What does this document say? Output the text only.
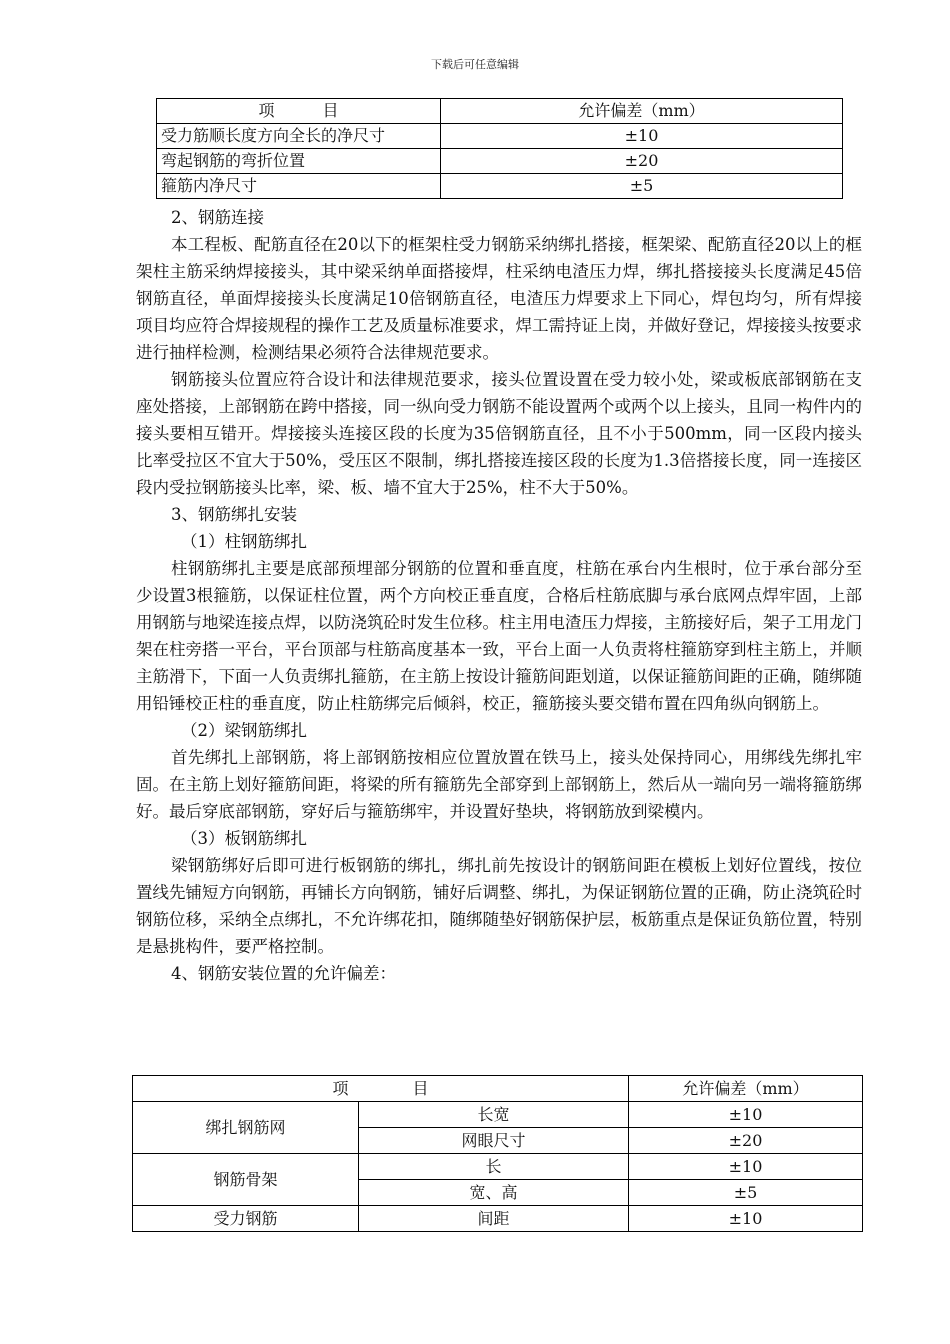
下载后可任意编辑
项　　　目	允许偏差（mm）
受力筋顺长度方向全长的净尺寸	±10
弯起钢筋的弯折位置	±20
箍筋内净尺寸	±5

2、钢筋连接

本工程板、配筋直径在20以下的框架柱受力钢筋采纳绑扎搭接，框架梁、配筋直径20以上的框架柱主筋采纳焊接接头，其中梁采纳单面搭接焊，柱采纳电渣压力焊，绑扎搭接接头长度满足45倍钢筋直径，单面焊接接头长度满足10倍钢筋直径，电渣压力焊要求上下同心，焊包均匀，所有焊接项目均应符合焊接规程的操作工艺及质量标准要求，焊工需持证上岗，并做好登记，焊接接头按要求进行抽样检测，检测结果必须符合法律规范要求。

钢筋接头位置应符合设计和法律规范要求，接头位置设置在受力较小处，梁或板底部钢筋在支座处搭接，上部钢筋在跨中搭接，同一纵向受力钢筋不能设置两个或两个以上接头，且同一构件内的接头要相互错开。焊接接头连接区段的长度为35倍钢筋直径，且不小于500mm，同一区段内接头比率受拉区不宜大于50%，受压区不限制，绑扎搭接连接区段的长度为1.3倍搭接长度，同一连接区段内受拉钢筋接头比率，梁、板、墙不宜大于25%，柱不大于50%。

3、钢筋绑扎安装

（1）柱钢筋绑扎

柱钢筋绑扎主要是底部预埋部分钢筋的位置和垂直度，柱筋在承台内生根时，位于承台部分至少设置3根箍筋，以保证柱位置，两个方向校正垂直度，合格后柱筋底脚与承台底网点焊牢固，上部用钢筋与地梁连接点焊，以防浇筑砼时发生位移。柱主用电渣压力焊接，主筋接好后，架子工用龙门架在柱旁搭一平台，平台顶部与柱筋高度基本一致，平台上面一人负责将柱箍筋穿到柱主筋上，并顺主筋滑下，下面一人负责绑扎箍筋，在主筋上按设计箍筋间距划道，以保证箍筋间距的正确，随绑随用铅锤校正柱的垂直度，防止柱筋绑完后倾斜，校正，箍筋接头要交错布置在四角纵向钢筋上。

（2）梁钢筋绑扎

首先绑扎上部钢筋，将上部钢筋按相应位置放置在铁马上，接头处保持同心，用绑线先绑扎牢固。在主筋上划好箍筋间距，将梁的所有箍筋先全部穿到上部钢筋上，然后从一端向另一端将箍筋绑好。最后穿底部钢筋，穿好后与箍筋绑牢，并设置好垫块，将钢筋放到梁模内。

（3）板钢筋绑扎

梁钢筋绑好后即可进行板钢筋的绑扎，绑扎前先按设计的钢筋间距在模板上划好位置线，按位置线先铺短方向钢筋，再铺长方向钢筋，铺好后调整、绑扎，为保证钢筋位置的正确，防止浇筑砼时钢筋位移，采纳全点绑扎，不允许绑花扣，随绑随垫好钢筋保护层，板筋重点是保证负筋位置，特别是悬挑构件，要严格控制。

4、钢筋安装位置的允许偏差：

项　　　　目		允许偏差（mm）
绑扎钢筋网	长宽	±10
	网眼尺寸	±20
钢筋骨架	长	±10
	宽、高	±5
受力钢筋	间距	±10
